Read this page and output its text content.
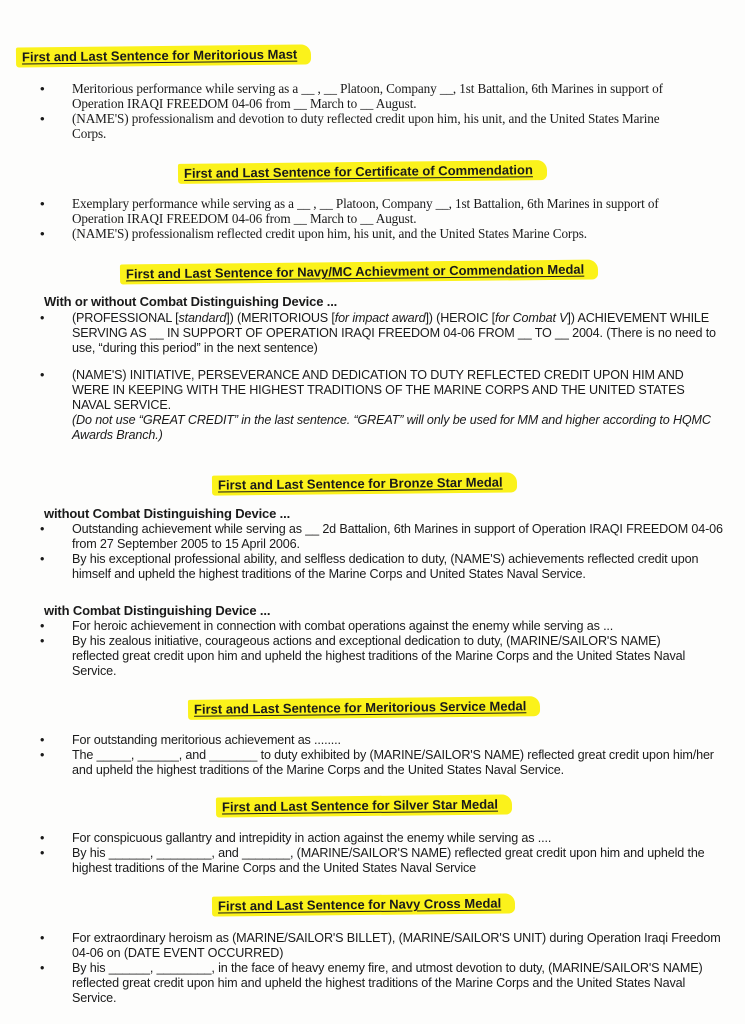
First and Last Sentence for Meritorious Mast
• Meritorious performance while serving as a __ , __ Platoon, Company __, 1st Battalion, 6th Marines in support of Operation IRAQI FREEDOM 04-06 from __ March to __ August.
• (NAME'S) professionalism and devotion to duty reflected credit upon him, his unit, and the United States Marine Corps.
First and Last Sentence for Certificate of Commendation
• Exemplary performance while serving as a __ , __ Platoon, Company __, 1st Battalion, 6th Marines in support of Operation IRAQI FREEDOM 04-06 from __ March to __ August.
• (NAME'S) professionalism reflected credit upon him, his unit, and the United States Marine Corps.
First and Last Sentence for Navy/MC Achievment or Commendation Medal
With or without Combat Distinguishing Device ...
• (PROFESSIONAL [standard]) (MERITORIOUS [for impact award]) (HEROIC [for Combat V]) ACHIEVEMENT WHILE SERVING AS __ IN SUPPORT OF OPERATION IRAQI FREEDOM 04-06 FROM __ TO __ 2004. (There is no need to use, “during this period” in the next sentence)
• (NAME'S) INITIATIVE, PERSEVERANCE AND DEDICATION TO DUTY REFLECTED CREDIT UPON HIM AND WERE IN KEEPING WITH THE HIGHEST TRADITIONS OF THE MARINE CORPS AND THE UNITED STATES NAVAL SERVICE.
(Do not use “GREAT CREDIT” in the last sentence. “GREAT” will only be used for MM and higher according to HQMC Awards Branch.)
First and Last Sentence for Bronze Star Medal
without Combat Distinguishing Device ...
• Outstanding achievement while serving as __ 2d Battalion, 6th Marines in support of Operation IRAQI FREEDOM 04-06 from 27 September 2005 to 15 April 2006.
• By his exceptional professional ability, and selfless dedication to duty, (NAME'S) achievements reflected credit upon himself and upheld the highest traditions of the Marine Corps and United States Naval Service.
with Combat Distinguishing Device ...
• For heroic achievement in connection with combat operations against the enemy while serving as ...
• By his zealous initiative, courageous actions and exceptional dedication to duty, (MARINE/SAILOR'S NAME) reflected great credit upon him and upheld the highest traditions of the Marine Corps and the United States Naval Service.
First and Last Sentence for Meritorious Service Medal
• For outstanding meritorious achievement as ........
• The _____, ______, and _______ to duty exhibited by (MARINE/SAILOR'S NAME) reflected great credit upon him/her and upheld the highest traditions of the Marine Corps and the United States Naval Service.
First and Last Sentence for Silver Star Medal
• For conspicuous gallantry and intrepidity in action against the enemy while serving as ....
• By his ______, ________, and _______, (MARINE/SAILOR'S NAME) reflected great credit upon him and upheld the highest traditions of the Marine Corps and the United States Naval Service
First and Last Sentence for Navy Cross Medal
• For extraordinary heroism as (MARINE/SAILOR'S BILLET), (MARINE/SAILOR'S UNIT) during Operation Iraqi Freedom 04-06 on (DATE EVENT OCCURRED)
• By his ______, ________, in the face of heavy enemy fire, and utmost devotion to duty, (MARINE/SAILOR'S NAME) reflected great credit upon him and upheld the highest traditions of the Marine Corps and the United States Naval Service.
